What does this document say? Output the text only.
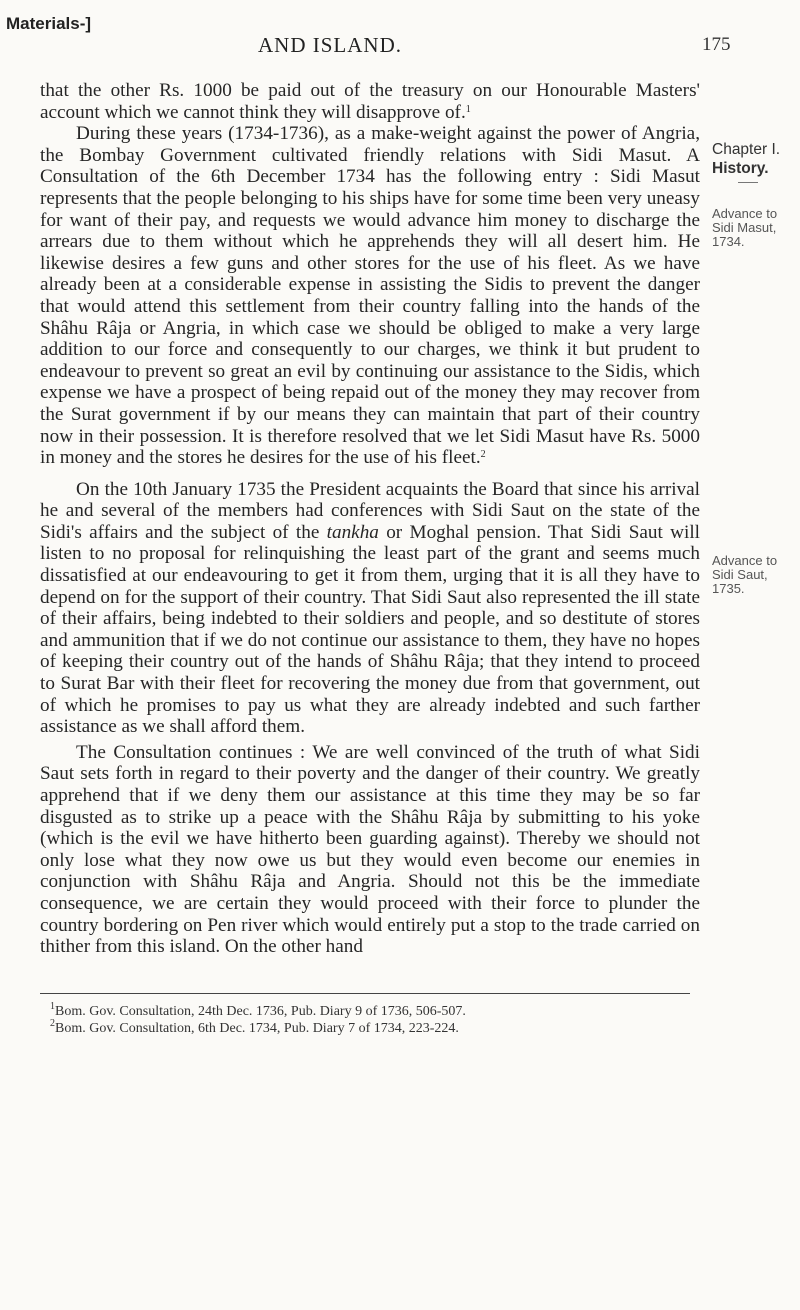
Materials-]
AND ISLAND.	175
Chapter I.
History.
Advance to Sidi Masut, 1734.
Advance to Sidi Saut, 1735.

that the other Rs. 1000 be paid out of the treasury on our Honourable Masters' account which we cannot think they will disapprove of.$^1$

During these years (1734-1736), as a make-weight against the power of Angria, the Bombay Government cultivated friendly relations with Sidi Masut. A Consultation of the 6th December 1734 has the following entry : Sidi Masut represents that the people belonging to his ships have for some time been very uneasy for want of their pay, and requests we would advance him money to discharge the arrears due to them without which he apprehends they will all desert him. He likewise desires a few guns and other stores for the use of his fleet. As we have already been at a considerable expense in assisting the Sidis to prevent the danger that would attend this settlement from their country falling into the hands of the Shâhu Râja or Angria, in which case we should be obliged to make a very large addition to our force and consequently to our charges, we think it but prudent to endeavour to prevent so great an evil by continuing our assistance to the Sidis, which expense we have a prospect of being repaid out of the money they may recover from the Surat government if by our means they can maintain that part of their country now in their possession. It is therefore resolved that we let Sidi Masut have Rs. 5000 in money and the stores he desires for the use of his fleet.$^2$

On the 10th January 1735 the President acquaints the Board that since his arrival he and several of the members had conferences with Sidi Saut on the state of the Sidi's affairs and the subject of the tankha or Moghal pension. That Sidi Saut will listen to no proposal for relinquishing the least part of the grant and seems much dissatisfied at our endeavouring to get it from them, urging that it is all they have to depend on for the support of their country. That Sidi Saut also represented the ill state of their affairs, being indebted to their soldiers and people, and so destitute of stores and ammunition that if we do not continue our assistance to them, they have no hopes of keeping their country out of the hands of Shâhu Râja; that they intend to proceed to Surat Bar with their fleet for recovering the money due from that government, out of which he promises to pay us what they are already indebted and such farther assistance as we shall afford them.

The Consultation continues : We are well convinced of the truth of what Sidi Saut sets forth in regard to their poverty and the danger of their country. We greatly apprehend that if we deny them our assistance at this time they may be so far disgusted as to strike up a peace with the Shâhu Râja by submitting to his yoke (which is the evil we have hitherto been guarding against). Thereby we should not only lose what they now owe us but they would even become our enemies in conjunction with Shâhu Râja and Angria. Should not this be the immediate consequence, we are certain they would proceed with their force to plunder the country bordering on Pen river which would entirely put a stop to the trade carried on thither from this island. On the other hand

$^1$Bom. Gov. Consultation, 24th Dec. 1736, Pub. Diary 9 of 1736, 506-507.

$^2$Bom. Gov. Consultation, 6th Dec. 1734, Pub. Diary 7 of 1734, 223-224.
